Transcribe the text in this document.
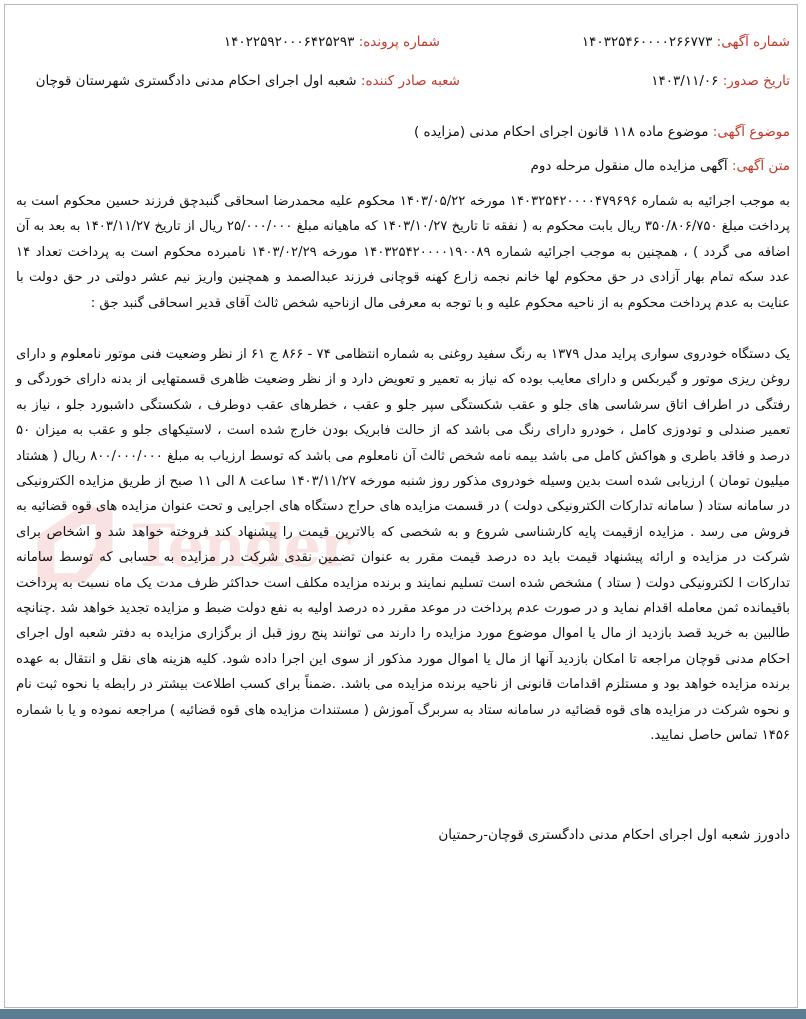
Tender
شماره آگهی: ۱۴۰۳۲۵۴۶۰۰۰۰۲۶۶۷۷۳
شماره پرونده: ۱۴۰۲۲۵۹۲۰۰۰۶۴۲۵۲۹۳
تاریخ صدور: ۱۴۰۳/۱۱/۰۶
شعبه صادر کننده: شعبه اول اجرای احکام مدنی دادگستری شهرستان قوچان
موضوع آگهی: موضوع ماده ۱۱۸ قانون اجرای احکام مدنی (مزایده )
متن آگهی: آگهی مزایده مال منقول مرحله دوم
به موجب اجرائیه به شماره ۱۴۰۳۲۵۴۲۰۰۰۰۴۷۹۶۹۶ مورخه ۱۴۰۳/۰۵/۲۲ محکوم علیه محمدرضا اسحاقی گنبدچق فرزند حسین محکوم است به پرداخت مبلغ ۳۵۰/۸۰۶/۷۵۰ ریال بابت محکوم به ( نفقه تا تاریخ ۱۴۰۳/۱۰/۲۷ که ماهیانه مبلغ ۲۵/۰۰۰/۰۰۰ ریال از تاریخ ۱۴۰۳/۱۱/۲۷ به بعد به آن اضافه می گردد ) ، همچنین به موجب اجرائیه شماره ۱۴۰۳۲۵۴۲۰۰۰۰۱۹۰۰۸۹ مورخه ۱۴۰۳/۰۲/۲۹ نامبرده محکوم است به پرداخت تعداد ۱۴ عدد سکه تمام بهار آزادی در حق محکوم لها خانم نجمه زارع کهنه قوچانی فرزند عبدالصمد و همچنین واریز نیم عشر دولتی در حق دولت با عنایت به عدم پرداخت محکوم به از ناحیه محکوم علیه و با توجه به معرفی مال ازناحیه شخص ثالث آقای قدیر اسحاقی گنبد جق :
یک دستگاه خودروی سواری پراید مدل ۱۳۷۹ به رنگ سفید روغنی به شماره انتظامی ۷۴ - ۸۶۶ ج ۶۱ از نظر وضعیت فنی موتور نامعلوم و دارای روغن ریزی موتور و گیربکس و دارای معایب بوده که نیاز به تعمیر و تعویض دارد و از نظر وضعیت ظاهری قسمتهایی از بدنه دارای خوردگی و رفتگی در اطراف اتاق سرشاسی های جلو و عقب شکستگی سپر جلو و عقب ، خطرهای عقب دوطرف ، شکستگی داشبورد جلو ، نیاز به تعمیر صندلی و تودوزی کامل ، خودرو دارای رنگ می باشد که از حالت فابریک بودن خارج شده است ، لاستیکهای جلو و عقب به میزان ۵۰ درصد و فاقد باطری و هواکش کامل می باشد بیمه نامه شخص ثالث آن نامعلوم می باشد که توسط ارزیاب به مبلغ ۸۰۰/۰۰۰/۰۰۰ ریال ( هشتاد میلیون تومان ) ارزیابی شده است بدین وسیله خودروی مذکور روز شنبه مورخه ۱۴۰۳/۱۱/۲۷ ساعت ۸ الی ۱۱ صبح از طریق مزایده الکترونیکی در سامانه ستاد ( سامانه تدارکات الکترونیکی دولت ) در قسمت مزایده های حراج دستگاه های اجرایی و تحت عنوان مزایده های قوه قضائیه به فروش می رسد . مزایده ازقیمت پایه کارشناسی شروع و به شخصی که بالاترین قیمت را پیشنهاد کند فروخته خواهد شد و اشخاص برای شرکت در مزایده و ارائه پیشنهاد قیمت باید ده درصد قیمت مقرر به عنوان تضمین نقدی شرکت در مزایده به حسابی که توسط سامانه تدارکات ا لکترونیکی دولت ( ستاد ) مشخص شده است تسلیم نمایند و برنده مزایده مکلف است حداکثر ظرف مدت یک ماه نسبت به پرداخت باقیمانده ثمن معامله اقدام نماید و در صورت عدم پرداخت در موعد مقرر ده درصد اولیه به نفع دولت ضبط و مزایده تجدید خواهد شد .چنانچه طالبین به خرید قصد بازدید از مال یا اموال موضوع مورد مزایده را دارند می توانند پنج روز قبل از برگزاری مزایده به دفتر شعبه اول اجرای احکام مدنی قوچان مراجعه تا امکان بازدید آنها از مال یا اموال مورد مذکور از سوی این اجرا داده شود. کلیه هزینه های نقل و انتقال به عهده برنده مزایده خواهد بود و مستلزم اقدامات قانونی از ناحیه برنده مزایده می باشد. .ضمناً برای کسب اطلاعت بیشتر در رابطه با نحوه ثبت نام و نحوه شرکت در مزایده های قوه قضائیه در سامانه ستاد به سربرگ آموزش ( مستندات مزایده های قوه قضائیه ) مراجعه نموده و یا با شماره ۱۴۵۶ تماس حاصل نمایید.
دادورز شعبه اول اجرای احکام مدنی دادگستری قوچان-رحمتیان
